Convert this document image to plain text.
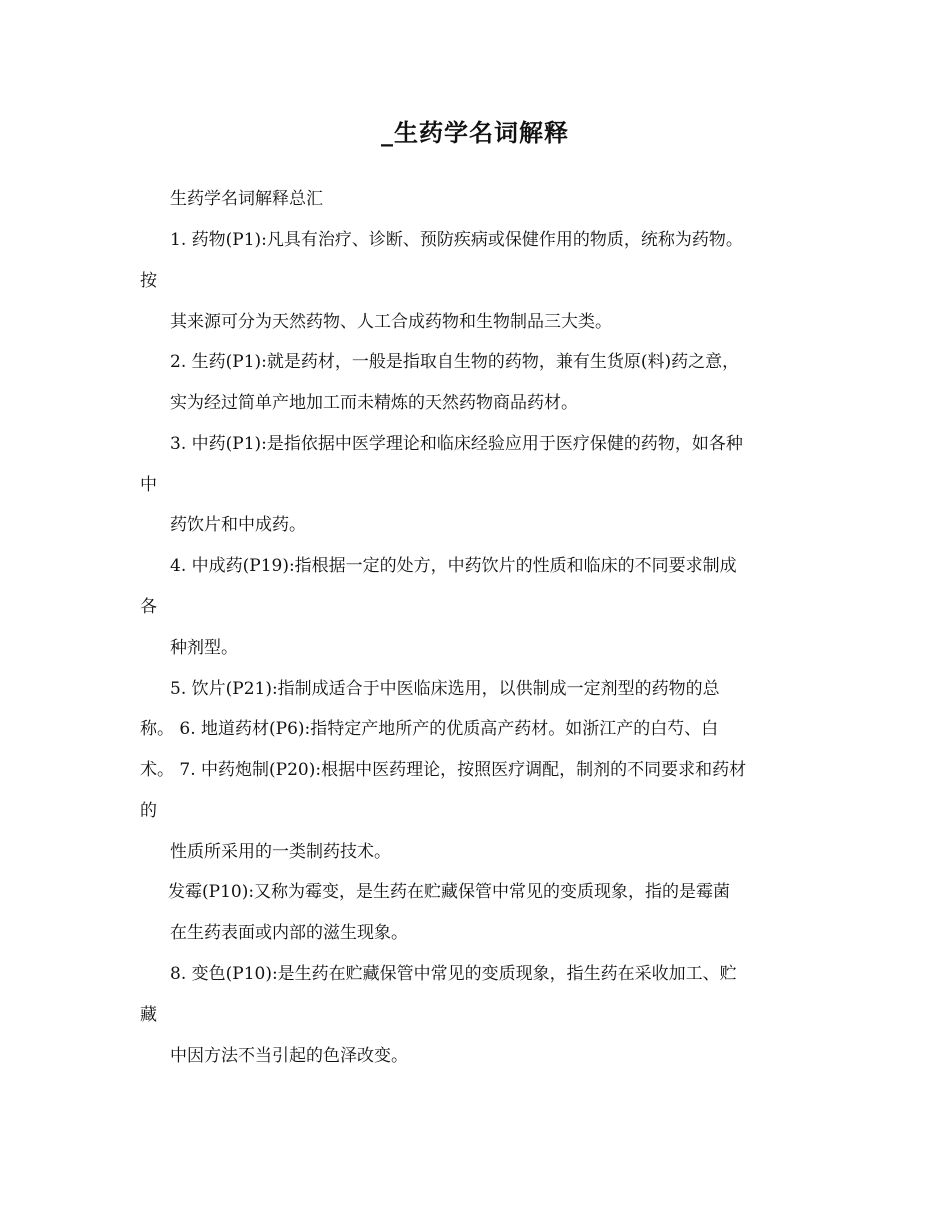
_生药学名词解释
生药学名词解释总汇
1. 药物(P1):凡具有治疗、诊断、预防疾病或保健作用的物质，统称为药物。
按
其来源可分为天然药物、人工合成药物和生物制品三大类。
2. 生药(P1):就是药材，一般是指取自生物的药物，兼有生货原(料)药之意，
实为经过简单产地加工而未精炼的天然药物商品药材。
3. 中药(P1):是指依据中医学理论和临床经验应用于医疗保健的药物，如各种
中
药饮片和中成药。
4. 中成药(P19):指根据一定的处方，中药饮片的性质和临床的不同要求制成
各
种剂型。
5. 饮片(P21):指制成适合于中医临床选用，以供制成一定剂型的药物的总
称。 6. 地道药材(P6):指特定产地所产的优质高产药材。如浙江产的白芍、白
术。 7. 中药炮制(P20):根据中医药理论，按照医疗调配，制剂的不同要求和药材
的
性质所采用的一类制药技术。
发霉(P10):又称为霉变，是生药在贮藏保管中常见的变质现象，指的是霉菌
在生药表面或内部的滋生现象。
8. 变色(P10):是生药在贮藏保管中常见的变质现象，指生药在采收加工、贮
藏
中因方法不当引起的色泽改变。
